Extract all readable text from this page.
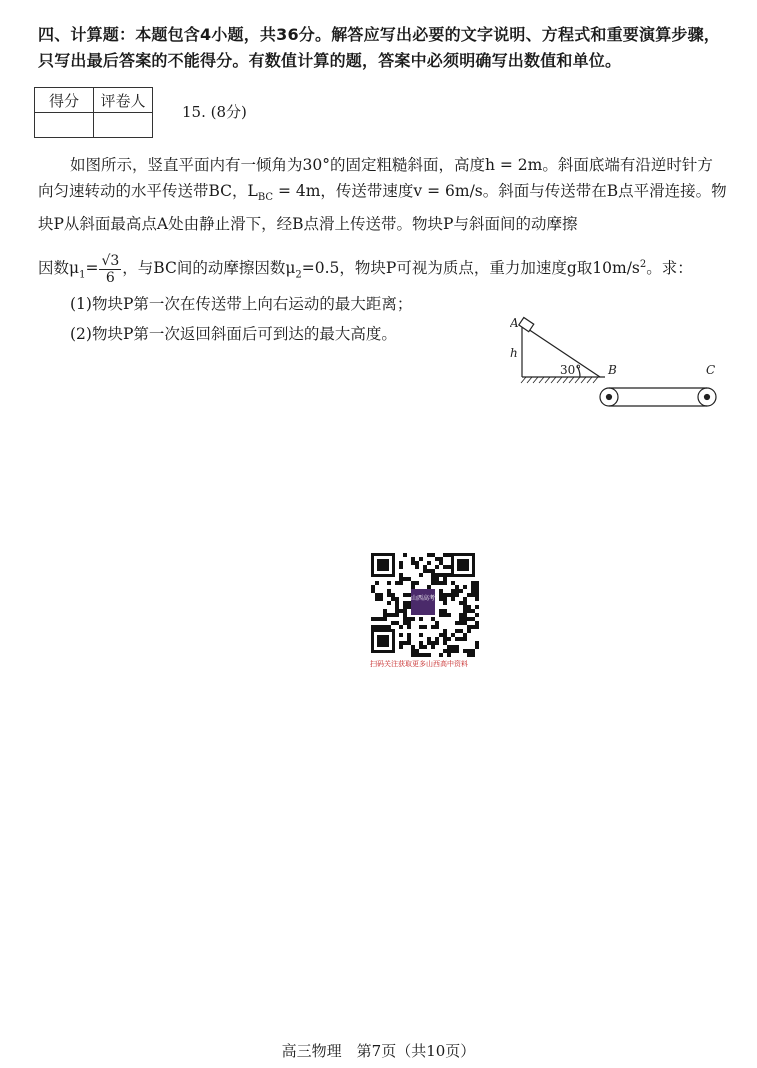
四、计算题：本题包含4小题，共36分。解答应写出必要的文字说明、方程式和重要演算步骤，只写出最后答案的不能得分。有数值计算的题，答案中必须明确写出数值和单位。
得分	评卷人

15. (8分)
如图所示，竖直平面内有一倾角为30°的固定粗糙斜面，高度h = 2m。斜面底端有沿逆时针方向匀速转动的水平传送带BC，$L_{BC} = 4m$，传送带速度v = 6m/s。斜面与传送带在B点平滑连接。物块P从斜面最高点A处由静止滑下，经B点滑上传送带。物块P与斜面间的动摩擦
因数$\mu_1= \frac{√3}{6}$ ，与BC间的动摩擦因数$\mu_2=0.5$，物块P可视为质点，重力加速度g取$10m/s^2$。求：
(1)物块P第一次在传送带上向右运动的最大距离；
(2)物块P第一次返回斜面后可到达的最大高度。
A
h
B	C
30°
山西高考
扫码关注获取更多山西高中资料
高三物理　第7页（共10页）
